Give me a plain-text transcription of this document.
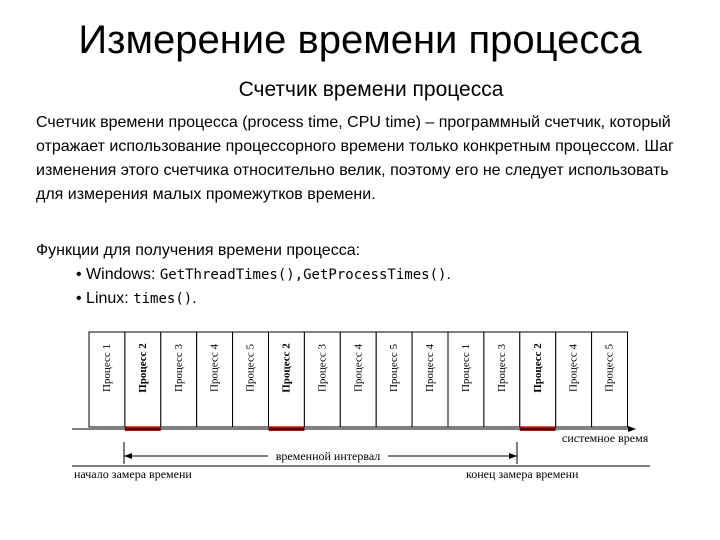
Измерение времени процесса
Счетчик времени процесса
Счетчик времени процесса (process time, CPU time) – программный счетчик, который отражает использование процессорного времени только конкретным процессом. Шаг изменения этого счетчика относительно велик, поэтому его не следует использовать для измерения малых промежутков времени.
Функции для получения времени процесса:
• Windows: GetThreadTimes(),GetProcessTimes().
• Linux: times().
Процесс 1 Процесс 2 Процесс 3 Процесс 4 Процесс 5 Процесс 2 Процесс 3 Процесс 4 Процесс 5 Процесс 4 Процесс 1 Процесс 3 Процесс 2 Процесс 4 Процесс 5
системное время
временной интервал
начало замера времени	конец замера времени
